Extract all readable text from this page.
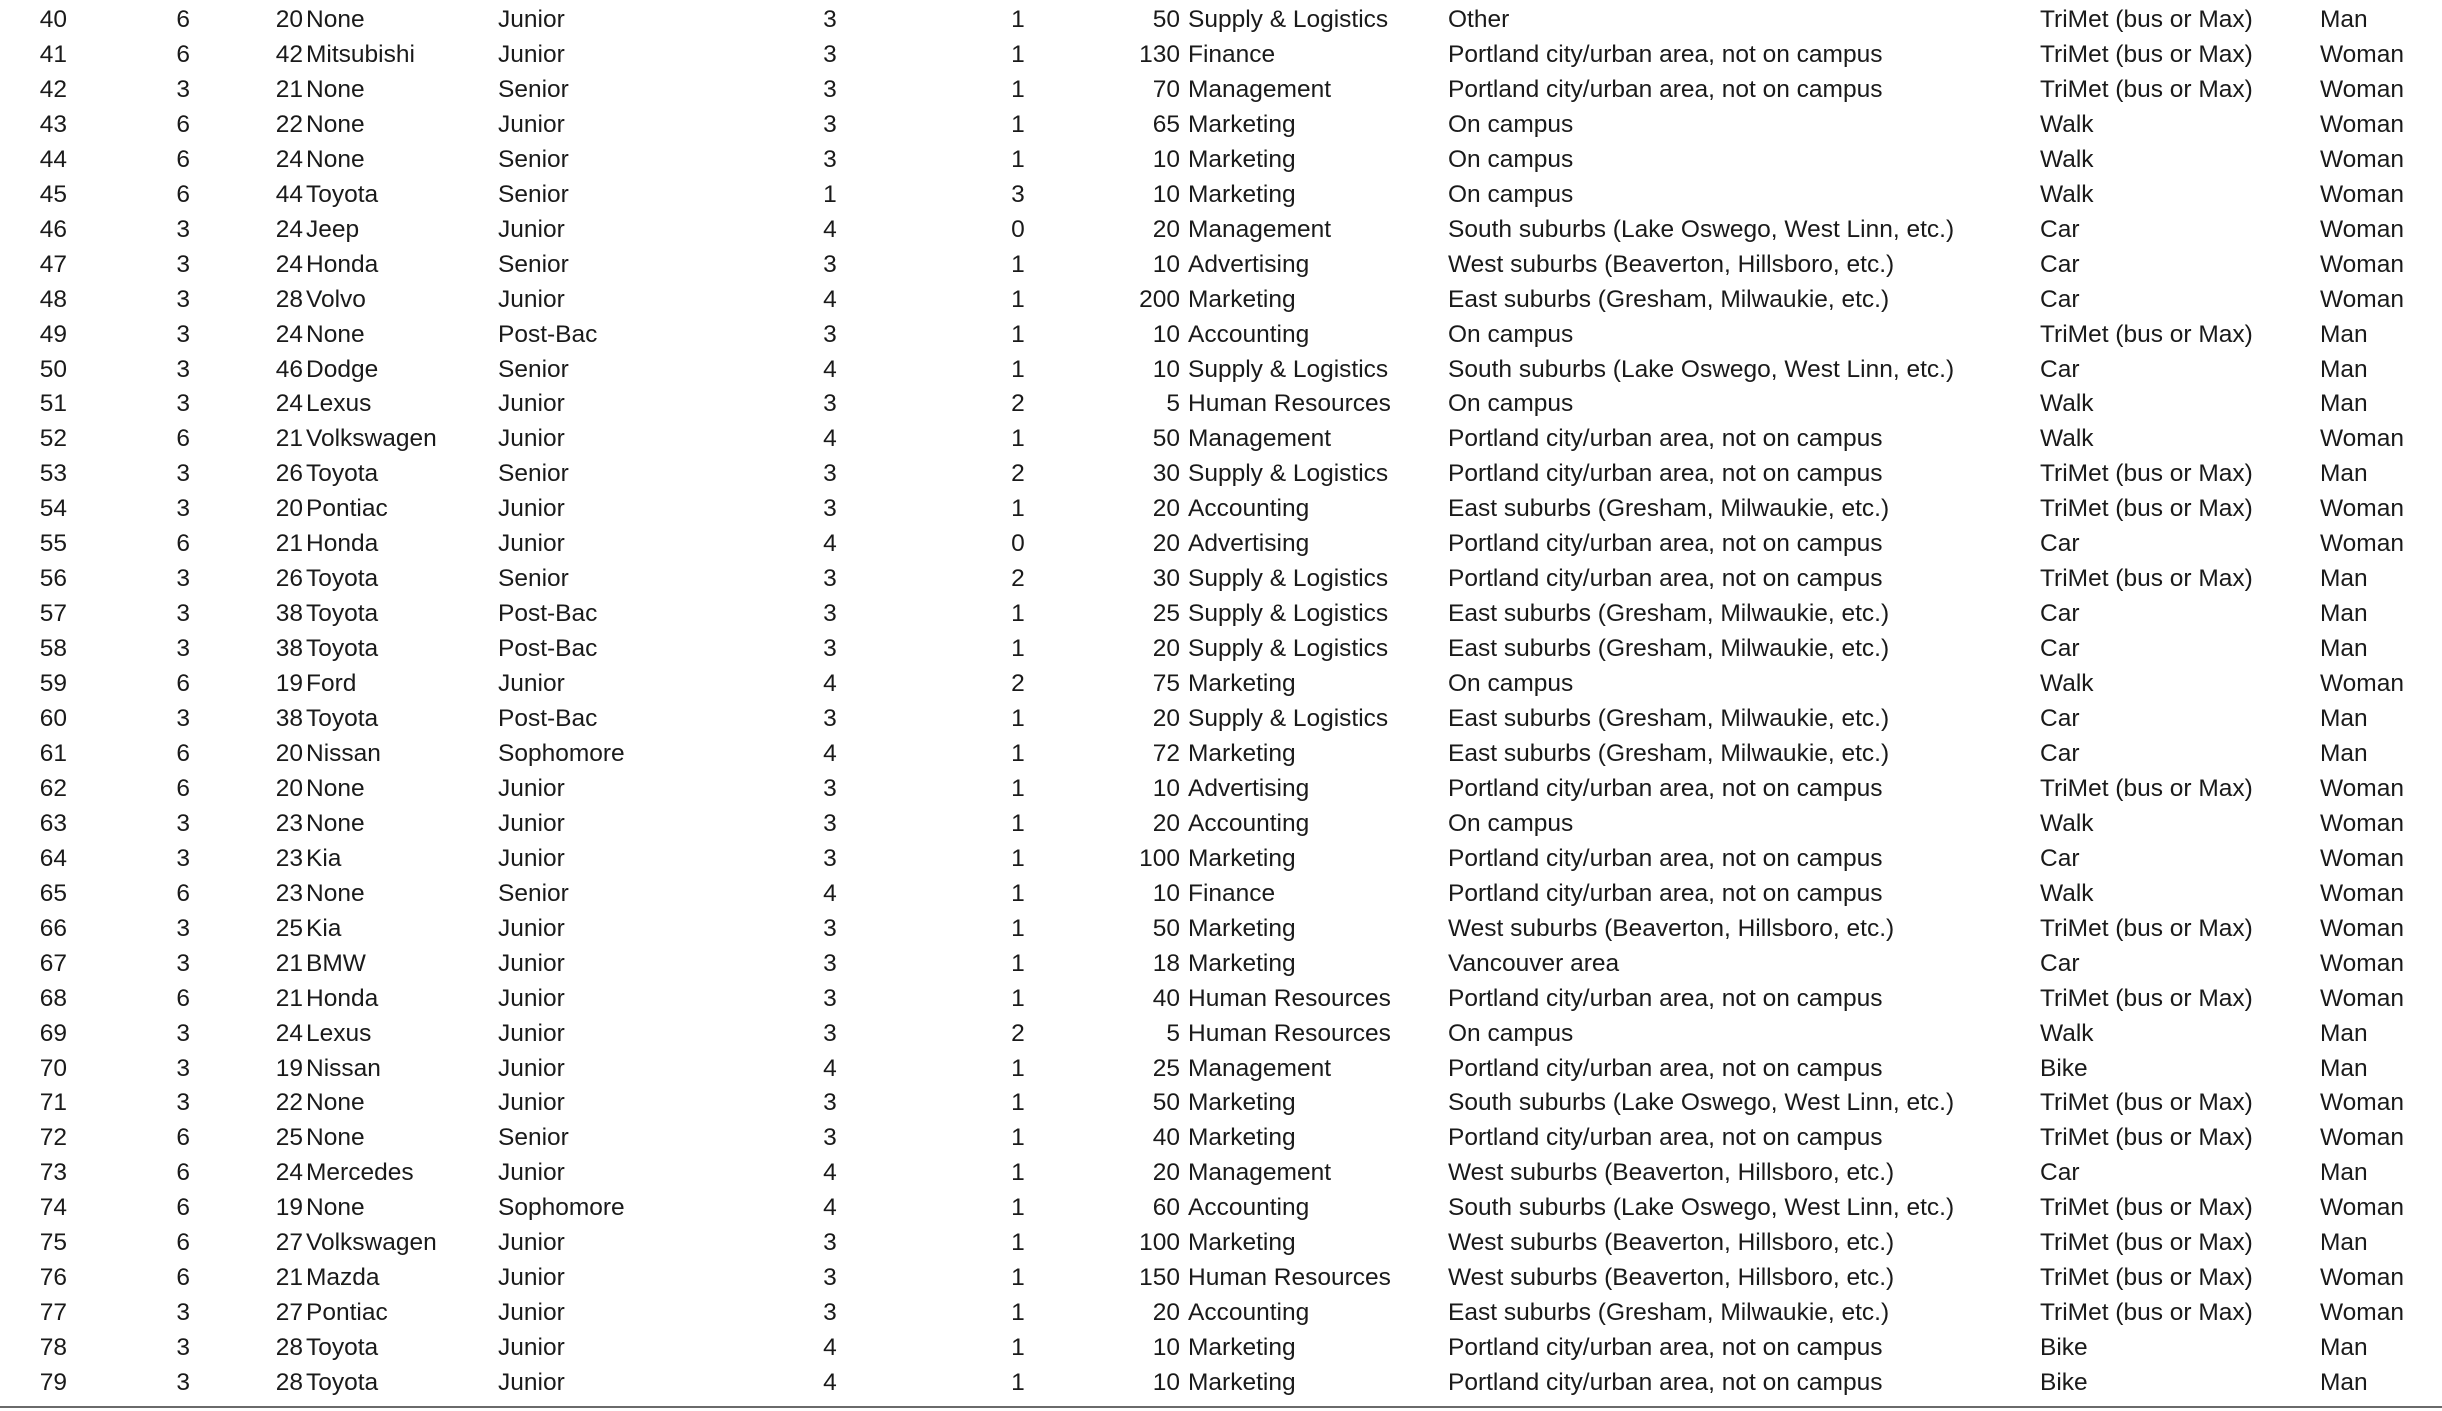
40	6	20 None	Junior	3	1	50 Supply & Logistics	Other	TriMet (bus or Max)	Man
41	6	42 Mitsubishi	Junior	3	1	130 Finance	Portland city/urban area, not on campus	TriMet (bus or Max)	Woman
42	3	21 None	Senior	3	1	70 Management	Portland city/urban area, not on campus	TriMet (bus or Max)	Woman
43	6	22 None	Junior	3	1	65 Marketing	On campus	Walk	Woman
44	6	24 None	Senior	3	1	10 Marketing	On campus	Walk	Woman
45	6	44 Toyota	Senior	1	3	10 Marketing	On campus	Walk	Woman
46	3	24 Jeep	Junior	4	0	20 Management	South suburbs (Lake Oswego, West Linn, etc.)	Car	Woman
47	3	24 Honda	Senior	3	1	10 Advertising	West suburbs (Beaverton, Hillsboro, etc.)	Car	Woman
48	3	28 Volvo	Junior	4	1	200 Marketing	East suburbs (Gresham, Milwaukie, etc.)	Car	Woman
49	3	24 None	Post-Bac	3	1	10 Accounting	On campus	TriMet (bus or Max)	Man
50	3	46 Dodge	Senior	4	1	10 Supply & Logistics	South suburbs (Lake Oswego, West Linn, etc.)	Car	Man
51	3	24 Lexus	Junior	3	2	5 Human Resources	On campus	Walk	Man
52	6	21 Volkswagen	Junior	4	1	50 Management	Portland city/urban area, not on campus	Walk	Woman
53	3	26 Toyota	Senior	3	2	30 Supply & Logistics	Portland city/urban area, not on campus	TriMet (bus or Max)	Man
54	3	20 Pontiac	Junior	3	1	20 Accounting	East suburbs (Gresham, Milwaukie, etc.)	TriMet (bus or Max)	Woman
55	6	21 Honda	Junior	4	0	20 Advertising	Portland city/urban area, not on campus	Car	Woman
56	3	26 Toyota	Senior	3	2	30 Supply & Logistics	Portland city/urban area, not on campus	TriMet (bus or Max)	Man
57	3	38 Toyota	Post-Bac	3	1	25 Supply & Logistics	East suburbs (Gresham, Milwaukie, etc.)	Car	Man
58	3	38 Toyota	Post-Bac	3	1	20 Supply & Logistics	East suburbs (Gresham, Milwaukie, etc.)	Car	Man
59	6	19 Ford	Junior	4	2	75 Marketing	On campus	Walk	Woman
60	3	38 Toyota	Post-Bac	3	1	20 Supply & Logistics	East suburbs (Gresham, Milwaukie, etc.)	Car	Man
61	6	20 Nissan	Sophomore	4	1	72 Marketing	East suburbs (Gresham, Milwaukie, etc.)	Car	Man
62	6	20 None	Junior	3	1	10 Advertising	Portland city/urban area, not on campus	TriMet (bus or Max)	Woman
63	3	23 None	Junior	3	1	20 Accounting	On campus	Walk	Woman
64	3	23 Kia	Junior	3	1	100 Marketing	Portland city/urban area, not on campus	Car	Woman
65	6	23 None	Senior	4	1	10 Finance	Portland city/urban area, not on campus	Walk	Woman
66	3	25 Kia	Junior	3	1	50 Marketing	West suburbs (Beaverton, Hillsboro, etc.)	TriMet (bus or Max)	Woman
67	3	21 BMW	Junior	3	1	18 Marketing	Vancouver area	Car	Woman
68	6	21 Honda	Junior	3	1	40 Human Resources	Portland city/urban area, not on campus	TriMet (bus or Max)	Woman
69	3	24 Lexus	Junior	3	2	5 Human Resources	On campus	Walk	Man
70	3	19 Nissan	Junior	4	1	25 Management	Portland city/urban area, not on campus	Bike	Man
71	3	22 None	Junior	3	1	50 Marketing	South suburbs (Lake Oswego, West Linn, etc.)	TriMet (bus or Max)	Woman
72	6	25 None	Senior	3	1	40 Marketing	Portland city/urban area, not on campus	TriMet (bus or Max)	Woman
73	6	24 Mercedes	Junior	4	1	20 Management	West suburbs (Beaverton, Hillsboro, etc.)	Car	Man
74	6	19 None	Sophomore	4	1	60 Accounting	South suburbs (Lake Oswego, West Linn, etc.)	TriMet (bus or Max)	Woman
75	6	27 Volkswagen	Junior	3	1	100 Marketing	West suburbs (Beaverton, Hillsboro, etc.)	TriMet (bus or Max)	Man
76	6	21 Mazda	Junior	3	1	150 Human Resources	West suburbs (Beaverton, Hillsboro, etc.)	TriMet (bus or Max)	Woman
77	3	27 Pontiac	Junior	3	1	20 Accounting	East suburbs (Gresham, Milwaukie, etc.)	TriMet (bus or Max)	Woman
78	3	28 Toyota	Junior	4	1	10 Marketing	Portland city/urban area, not on campus	Bike	Man
79	3	28 Toyota	Junior	4	1	10 Marketing	Portland city/urban area, not on campus	Bike	Man
